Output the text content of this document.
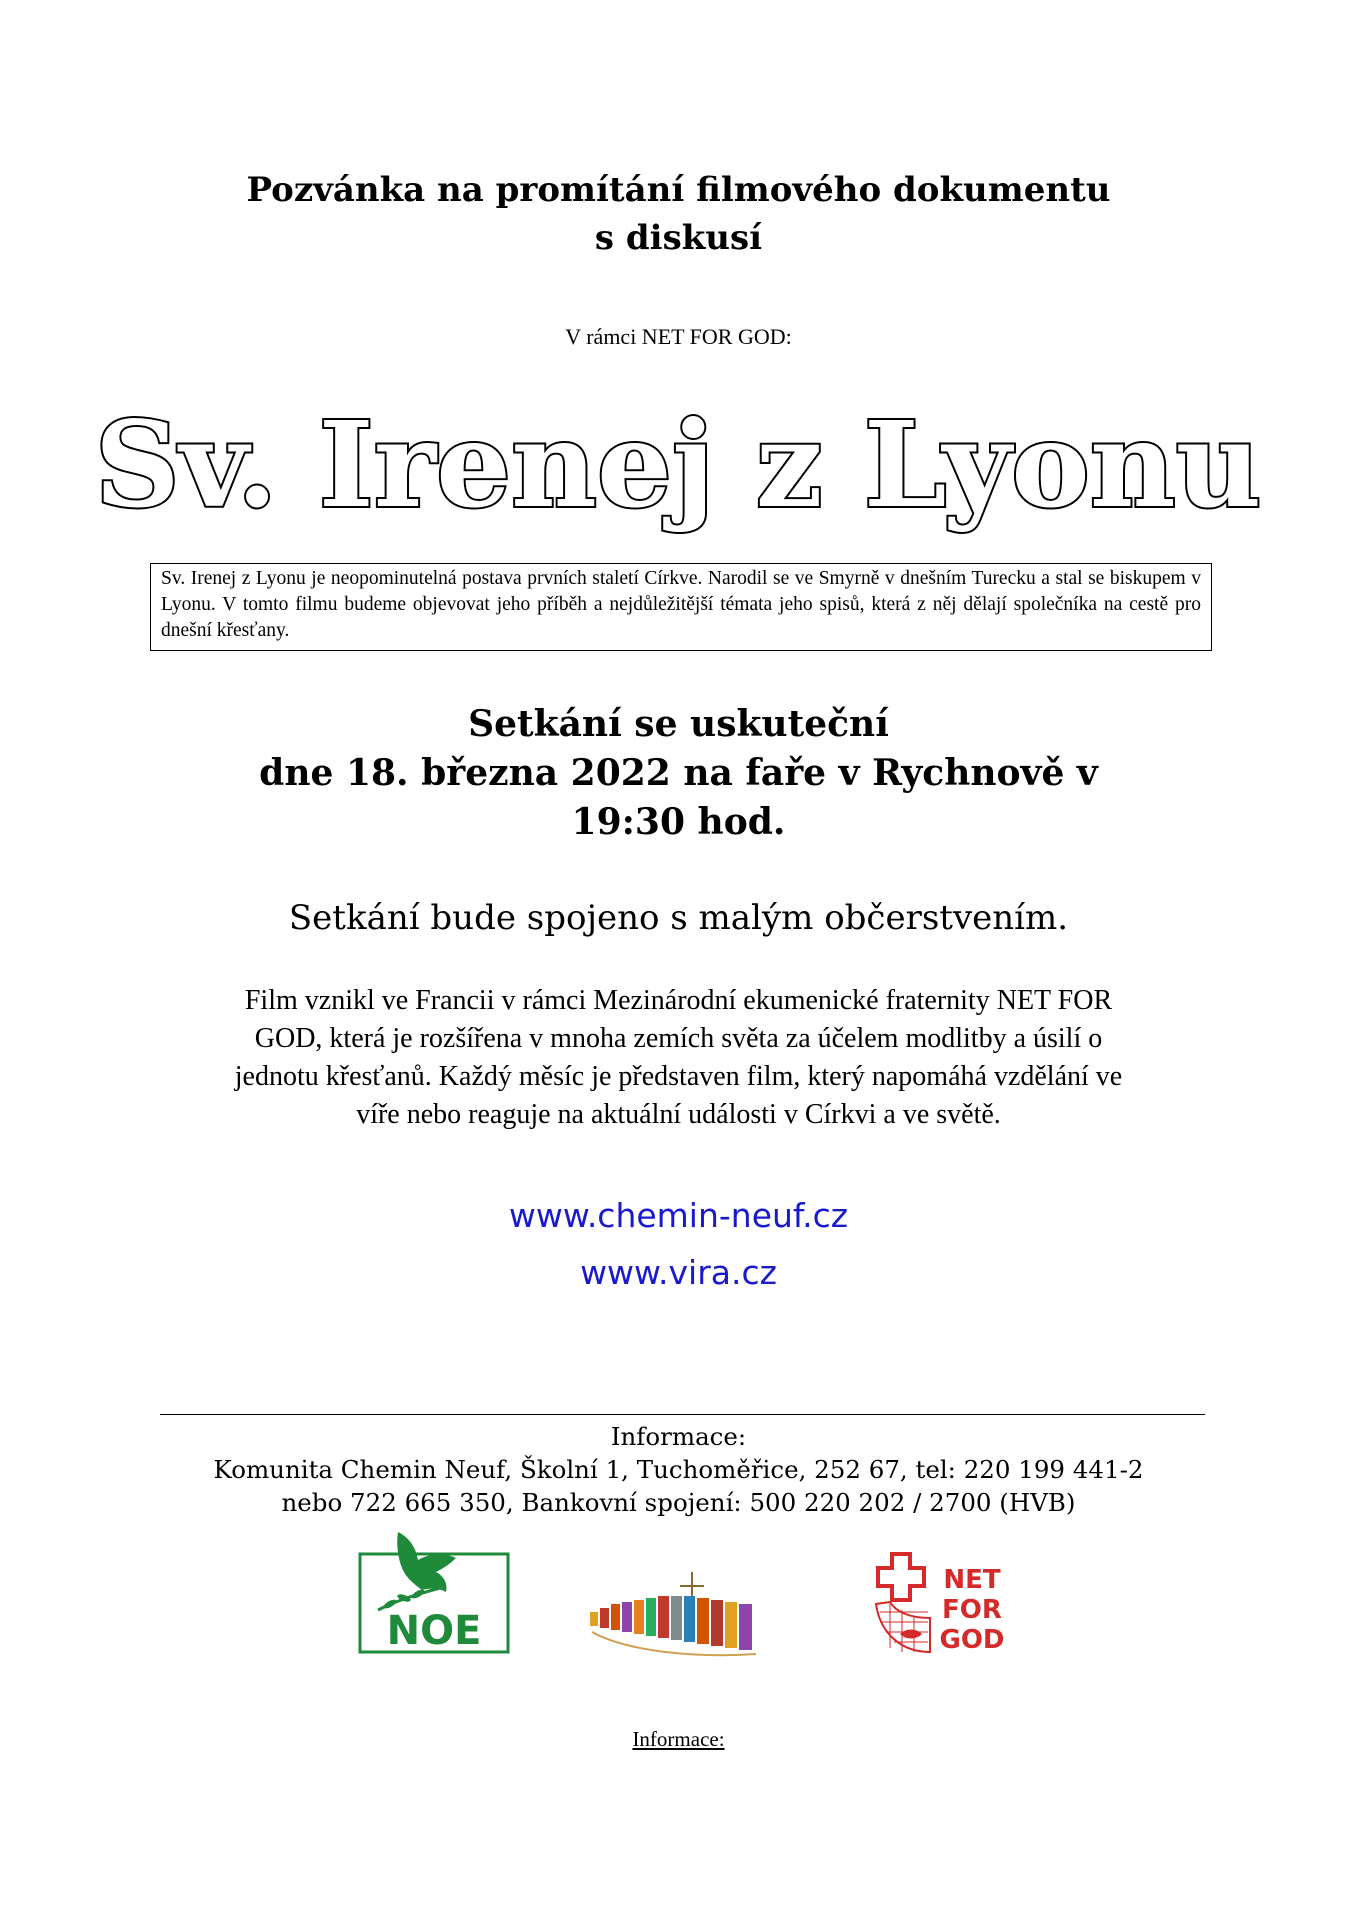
Pozvánka na promítání filmového dokumentu
s diskusí
V rámci NET FOR GOD:
Sv. Irenej z Lyonu
Sv. Irenej z Lyonu je neopominutelná postava prvních staletí Církve. Narodil se ve Smyrně v dnešním Turecku a stal se biskupem v Lyonu. V tomto filmu budeme objevovat jeho příběh a nejdůležitější témata jeho spisů, která z něj dělají společníka na cestě pro dnešní křesťany.
Setkání se uskuteční
dne 18. března 2022 na faře v Rychnově v
19:30 hod.
Setkání bude spojeno s malým občerstvením.
Film vznikl ve Francii v rámci Mezinárodní ekumenické fraternity NET FOR
GOD, která je rozšířena v mnoha zemích světa za účelem modlitby a úsilí o
jednotu křesťanů. Každý měsíc je představen film, který napomáhá vzdělání ve
víře nebo reaguje na aktuální události v Církvi a ve světě.
www.chemin-neuf.cz
www.vira.cz
Informace:
Komunita Chemin Neuf, Školní 1, Tuchoměřice, 252 67, tel: 220 199 441-2
nebo 722 665 350, Bankovní spojení: 500 220 202 / 2700 (HVB)
NOE
NET
FOR
GOD
Informace:
